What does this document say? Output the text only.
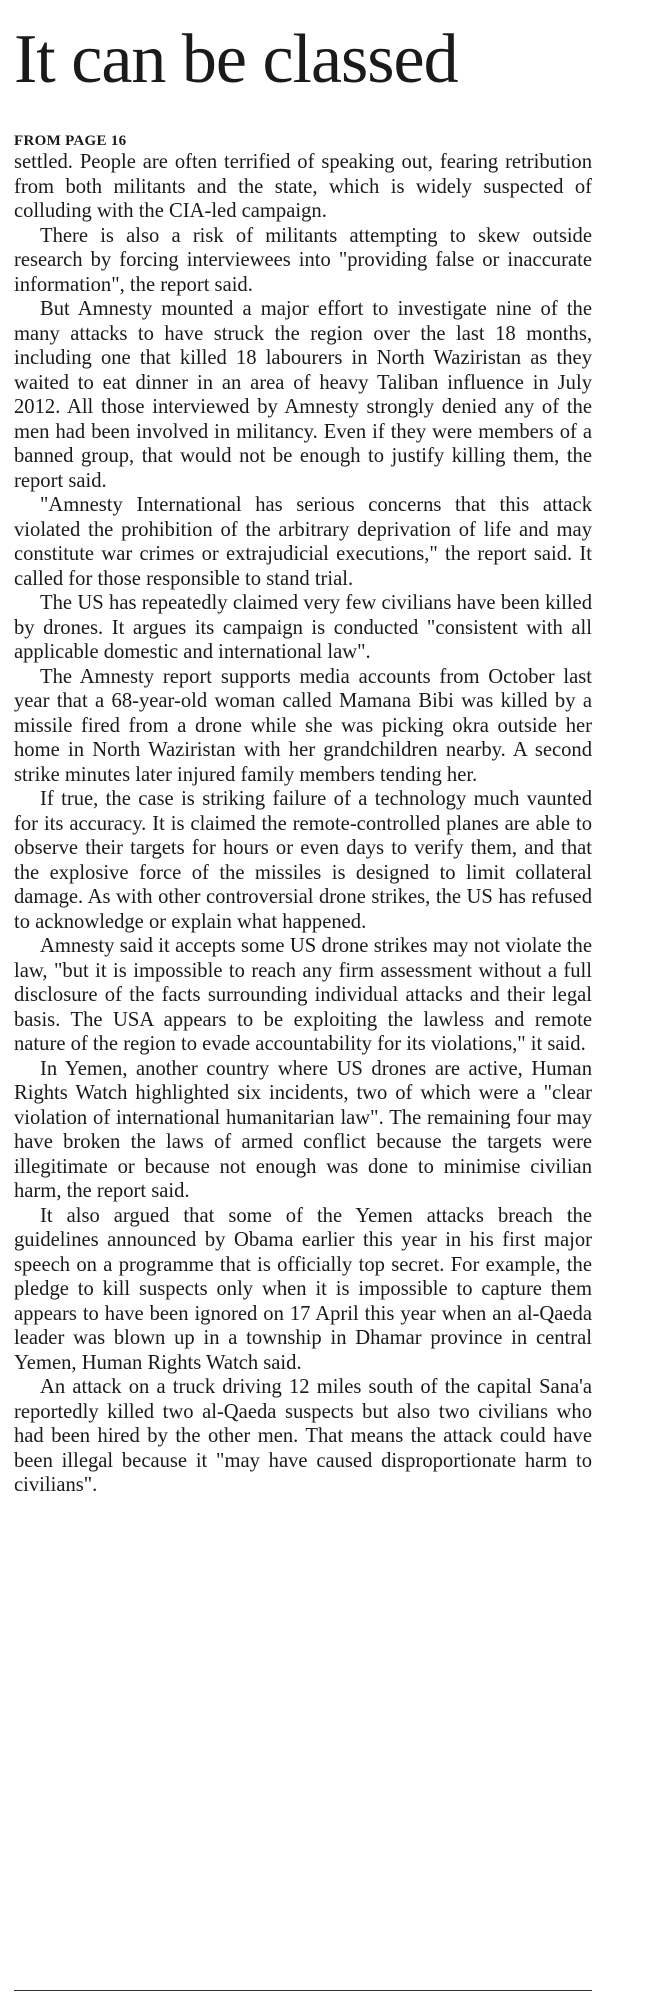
It can be classed
FROM PAGE 16

settled. People are often terrified of speaking out, fearing retribution from both militants and the state, which is widely suspected of colluding with the CIA-led campaign.

There is also a risk of militants attempting to skew outside research by forcing interviewees into "providing false or inaccurate information", the report said.

But Amnesty mounted a major effort to investigate nine of the many attacks to have struck the region over the last 18 months, including one that killed 18 labourers in North Waziristan as they waited to eat dinner in an area of heavy Taliban influence in July 2012. All those interviewed by Amnesty strongly denied any of the men had been involved in militancy. Even if they were members of a banned group, that would not be enough to justify killing them, the report said.

"Amnesty International has serious concerns that this attack violated the prohibition of the arbitrary deprivation of life and may constitute war crimes or extrajudicial executions," the report said. It called for those responsible to stand trial.

The US has repeatedly claimed very few civilians have been killed by drones. It argues its campaign is conducted "consistent with all applicable domestic and international law".

The Amnesty report supports media accounts from October last year that a 68-year-old woman called Mamana Bibi was killed by a missile fired from a drone while she was picking okra outside her home in North Waziristan with her grandchildren nearby. A second strike minutes later injured family members tending her.

If true, the case is striking failure of a technology much vaunted for its accuracy. It is claimed the remote-controlled planes are able to observe their targets for hours or even days to verify them, and that the explosive force of the missiles is designed to limit collateral damage. As with other controversial drone strikes, the US has refused to acknowledge or explain what happened.

Amnesty said it accepts some US drone strikes may not violate the law, "but it is impossible to reach any firm assessment without a full disclosure of the facts surrounding individual attacks and their legal basis. The USA appears to be exploiting the lawless and remote nature of the region to evade accountability for its violations," it said.

In Yemen, another country where US drones are active, Human Rights Watch highlighted six incidents, two of which were a "clear violation of international humanitarian law". The remaining four may have broken the laws of armed conflict because the targets were illegitimate or because not enough was done to minimise civilian harm, the report said.

It also argued that some of the Yemen attacks breach the guidelines announced by Obama earlier this year in his first major speech on a programme that is officially top secret. For example, the pledge to kill suspects only when it is impossible to capture them appears to have been ignored on 17 April this year when an al-Qaeda leader was blown up in a township in Dhamar province in central Yemen, Human Rights Watch said.

An attack on a truck driving 12 miles south of the capital Sana'a reportedly killed two al-Qaeda suspects but also two civilians who had been hired by the other men. That means the attack could have been illegal because it "may have caused disproportionate harm to civilians".
